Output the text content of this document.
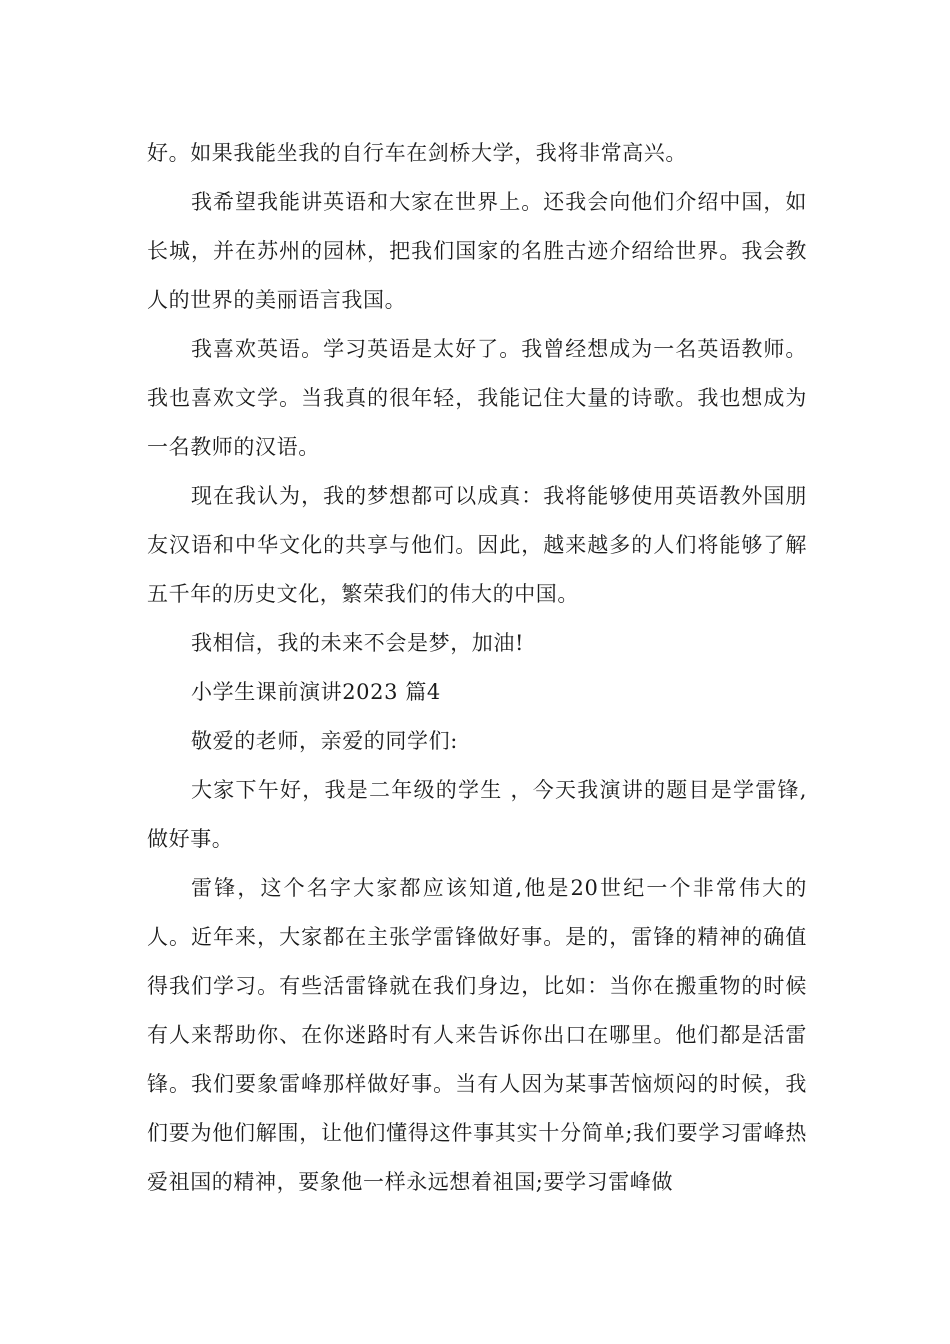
好。如果我能坐我的自行车在剑桥大学，我将非常高兴。

我希望我能讲英语和大家在世界上。还我会向他们介绍中国，如长城，并在苏州的园林，把我们国家的名胜古迹介绍给世界。我会教人的世界的美丽语言我国。

我喜欢英语。学习英语是太好了。我曾经想成为一名英语教师。我也喜欢文学。当我真的很年轻，我能记住大量的诗歌。我也想成为一名教师的汉语。

现在我认为，我的梦想都可以成真：我将能够使用英语教外国朋友汉语和中华文化的共享与他们。因此，越来越多的人们将能够了解五千年的历史文化，繁荣我们的伟大的中国。

我相信，我的未来不会是梦，加油!

小学生课前演讲2023 篇4

敬爱的老师，亲爱的同学们:

大家下午好，我是二年级的学生 ，今天我演讲的题目是学雷锋,做好事。

雷锋，这个名字大家都应该知道,他是20世纪一个非常伟大的人。近年来，大家都在主张学雷锋做好事。是的，雷锋的精神的确值得我们学习。有些活雷锋就在我们身边，比如：当你在搬重物的时候有人来帮助你、在你迷路时有人来告诉你出口在哪里。他们都是活雷锋。我们要象雷峰那样做好事。当有人因为某事苦恼烦闷的时候，我们要为他们解围，让他们懂得这件事其实十分简单;我们要学习雷峰热爱祖国的精神，要象他一样永远想着祖国;要学习雷峰做
